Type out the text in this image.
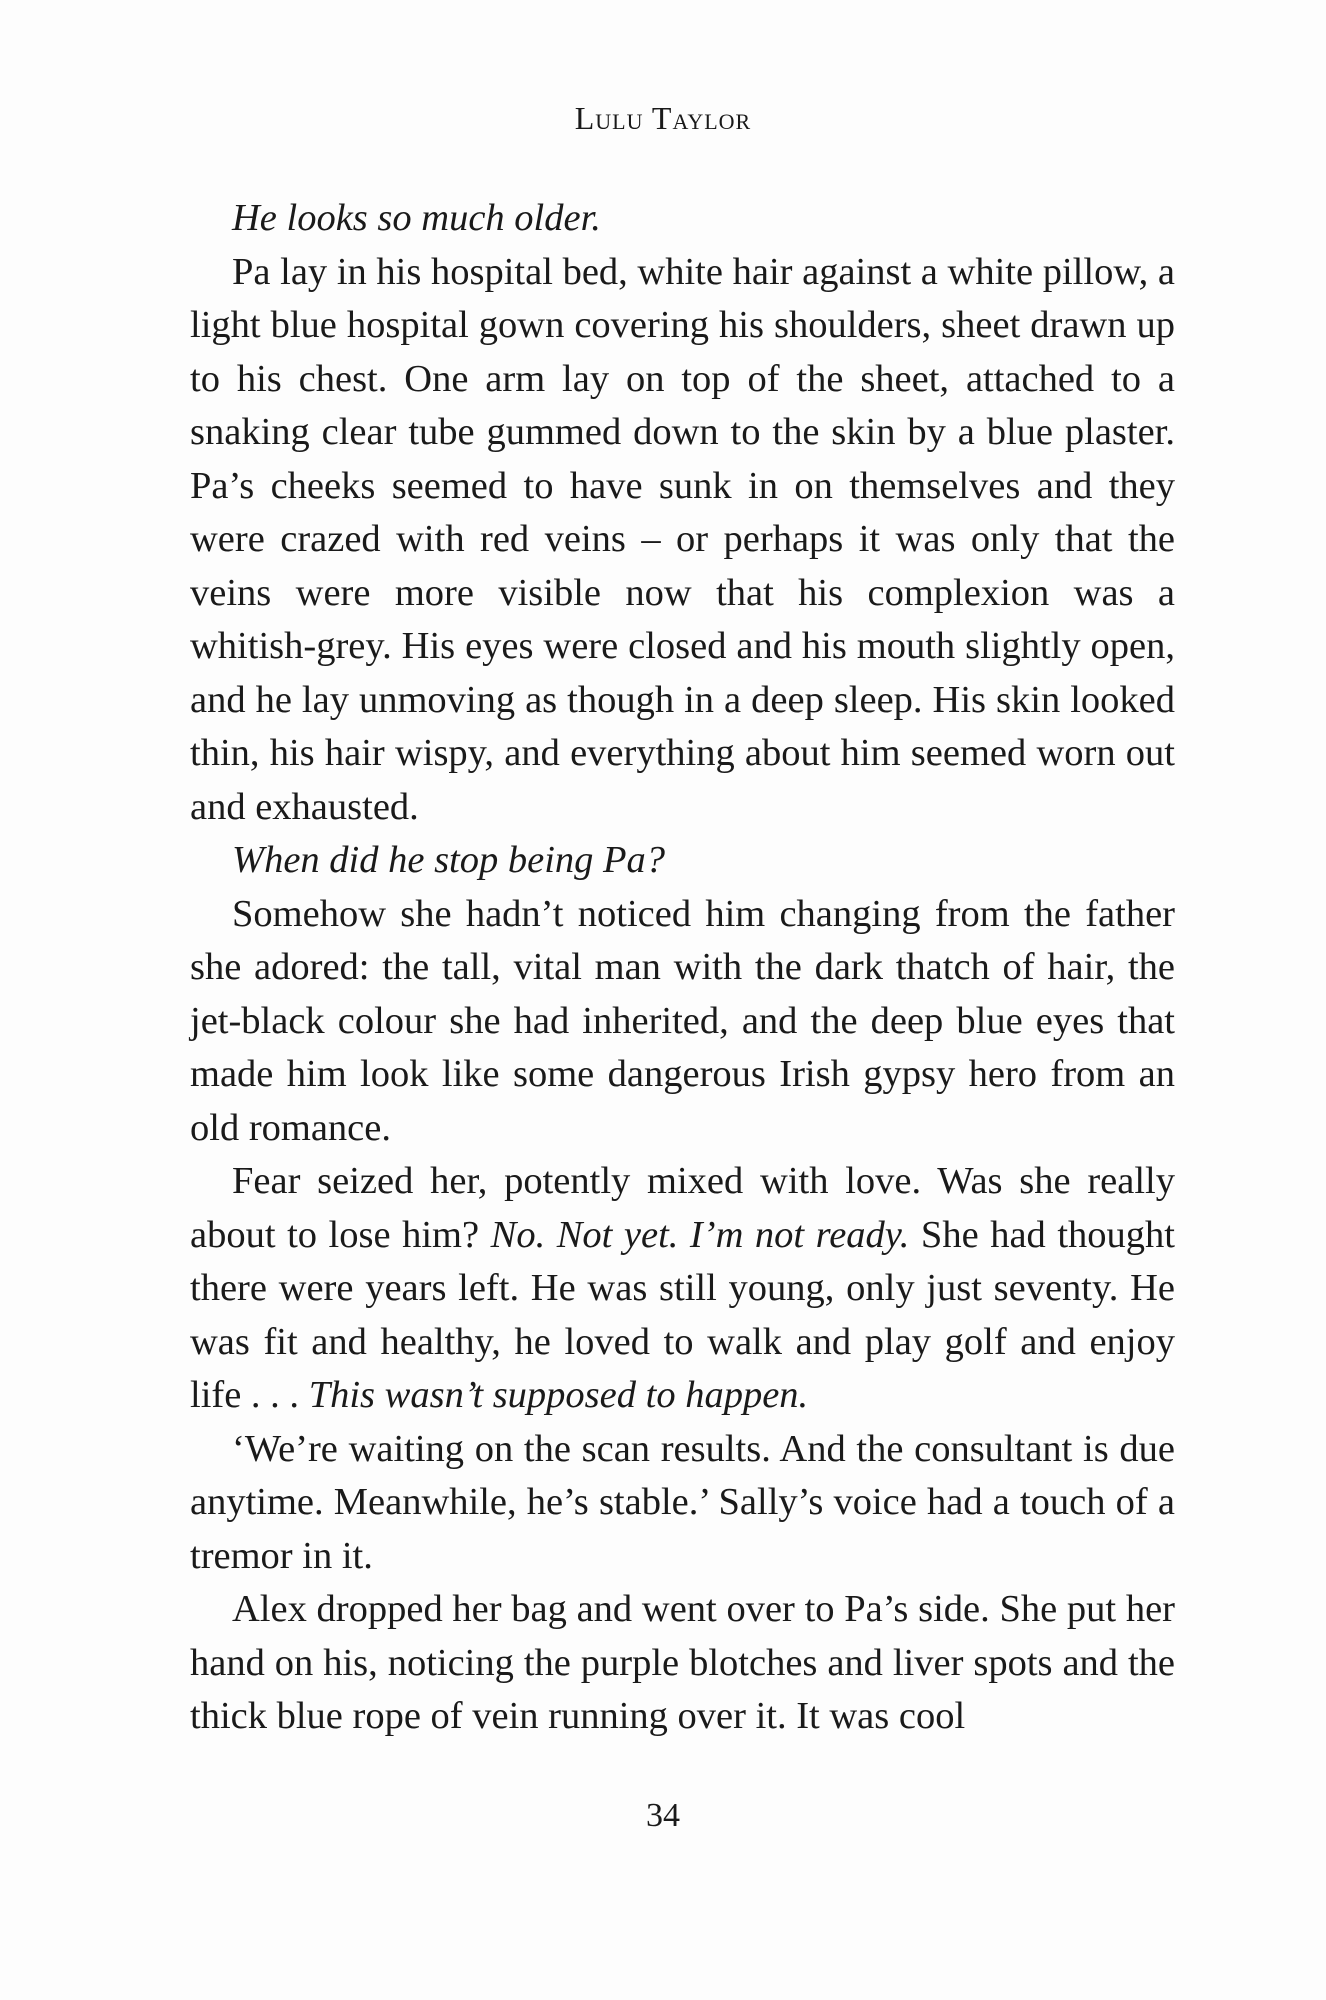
Lulu Taylor

He looks so much older.

Pa lay in his hospital bed, white hair against a white pillow, a light blue hospital gown covering his shoulders, sheet drawn up to his chest. One arm lay on top of the sheet, attached to a snaking clear tube gummed down to the skin by a blue plaster. Pa’s cheeks seemed to have sunk in on themselves and they were crazed with red veins – or perhaps it was only that the veins were more visible now that his complexion was a whitish-grey. His eyes were closed and his mouth slightly open, and he lay unmoving as though in a deep sleep. His skin looked thin, his hair wispy, and everything about him seemed worn out and exhausted.

When did he stop being Pa?

Somehow she hadn’t noticed him changing from the father she adored: the tall, vital man with the dark thatch of hair, the jet-black colour she had inherited, and the deep blue eyes that made him look like some dangerous Irish gypsy hero from an old romance.

Fear seized her, potently mixed with love. Was she really about to lose him? No. Not yet. I’m not ready. She had thought there were years left. He was still young, only just seventy. He was fit and healthy, he loved to walk and play golf and enjoy life . . . This wasn’t supposed to happen.

‘We’re waiting on the scan results. And the consultant is due anytime. Meanwhile, he’s stable.’ Sally’s voice had a touch of a tremor in it.

Alex dropped her bag and went over to Pa’s side. She put her hand on his, noticing the purple blotches and liver spots and the thick blue rope of vein running over it. It was cool

34
